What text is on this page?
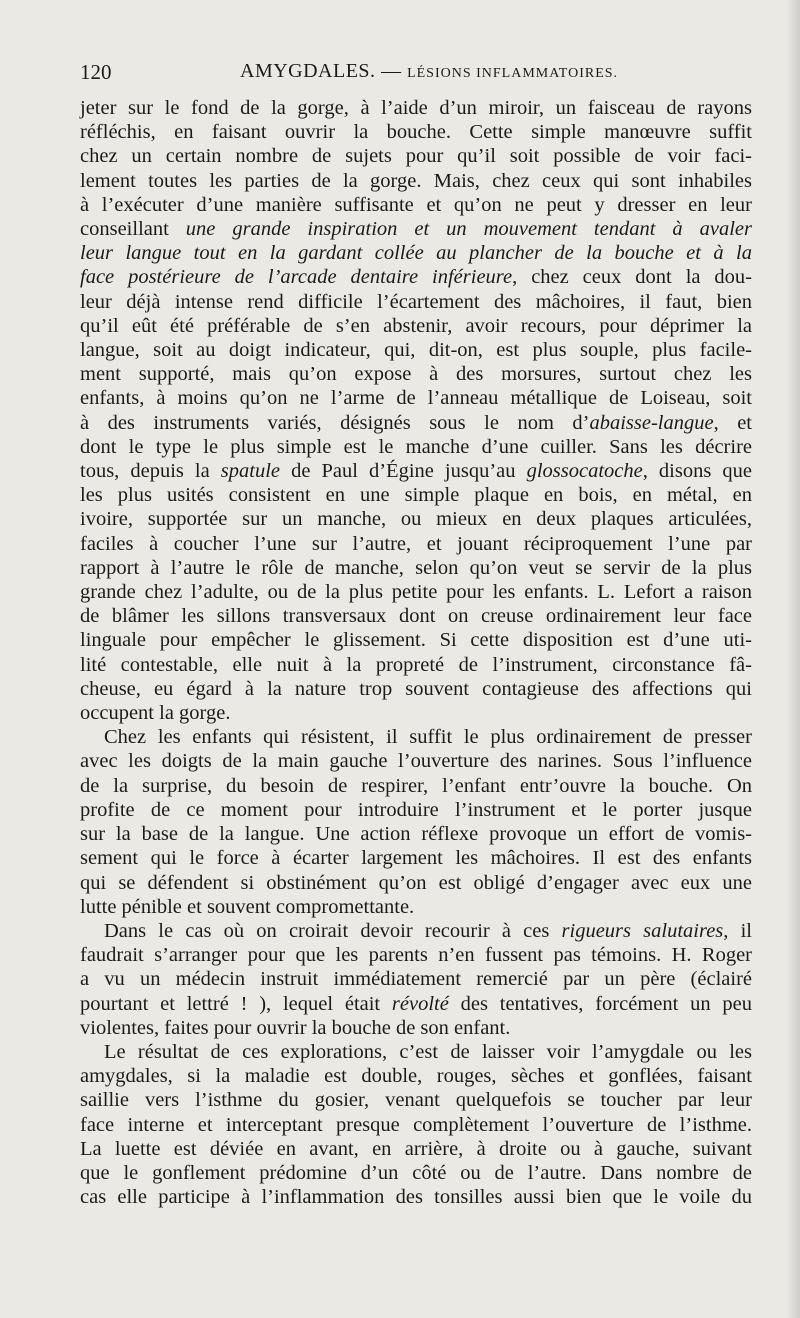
120	AMYGDALES. — LÉSIONS INFLAMMATOIRES.
jeter sur le fond de la gorge, à l’aide d’un miroir, un faisceau de rayons
réfléchis, en faisant ouvrir la bouche. Cette simple manœuvre suffit
chez un certain nombre de sujets pour qu’il soit possible de voir faci-
lement toutes les parties de la gorge. Mais, chez ceux qui sont inhabiles
à l’exécuter d’une manière suffisante et qu’on ne peut y dresser en leur
conseillant une grande inspiration et un mouvement tendant à avaler
leur langue tout en la gardant collée au plancher de la bouche et à la
face postérieure de l’arcade dentaire inférieure, chez ceux dont la dou-
leur déjà intense rend difficile l’écartement des mâchoires, il faut, bien
qu’il eût été préférable de s’en abstenir, avoir recours, pour déprimer la
langue, soit au doigt indicateur, qui, dit-on, est plus souple, plus facile-
ment supporté, mais qu’on expose à des morsures, surtout chez les
enfants, à moins qu’on ne l’arme de l’anneau métallique de Loiseau, soit
à des instruments variés, désignés sous le nom d’abaisse-langue, et
dont le type le plus simple est le manche d’une cuiller. Sans les décrire
tous, depuis la spatule de Paul d’Égine jusqu’au glossocatoche, disons que
les plus usités consistent en une simple plaque en bois, en métal, en
ivoire, supportée sur un manche, ou mieux en deux plaques articulées,
faciles à coucher l’une sur l’autre, et jouant réciproquement l’une par
rapport à l’autre le rôle de manche, selon qu’on veut se servir de la plus
grande chez l’adulte, ou de la plus petite pour les enfants. L. Lefort a raison
de blâmer les sillons transversaux dont on creuse ordinairement leur face
linguale pour empêcher le glissement. Si cette disposition est d’une uti-
lité contestable, elle nuit à la propreté de l’instrument, circonstance fâ-
cheuse, eu égard à la nature trop souvent contagieuse des affections qui
occupent la gorge.
Chez les enfants qui résistent, il suffit le plus ordinairement de presser
avec les doigts de la main gauche l’ouverture des narines. Sous l’influence
de la surprise, du besoin de respirer, l’enfant entr’ouvre la bouche. On
profite de ce moment pour introduire l’instrument et le porter jusque
sur la base de la langue. Une action réflexe provoque un effort de vomis-
sement qui le force à écarter largement les mâchoires. Il est des enfants
qui se défendent si obstinément qu’on est obligé d’engager avec eux une
lutte pénible et souvent compromettante.
Dans le cas où on croirait devoir recourir à ces rigueurs salutaires, il
faudrait s’arranger pour que les parents n’en fussent pas témoins. H. Roger
a vu un médecin instruit immédiatement remercié par un père (éclairé
pourtant et lettré ! ), lequel était révolté des tentatives, forcément un peu
violentes, faites pour ouvrir la bouche de son enfant.
Le résultat de ces explorations, c’est de laisser voir l’amygdale ou les
amygdales, si la maladie est double, rouges, sèches et gonflées, faisant
saillie vers l’isthme du gosier, venant quelquefois se toucher par leur
face interne et interceptant presque complètement l’ouverture de l’isthme.
La luette est déviée en avant, en arrière, à droite ou à gauche, suivant
que le gonflement prédomine d’un côté ou de l’autre. Dans nombre de
cas elle participe à l’inflammation des tonsilles aussi bien que le voile du
